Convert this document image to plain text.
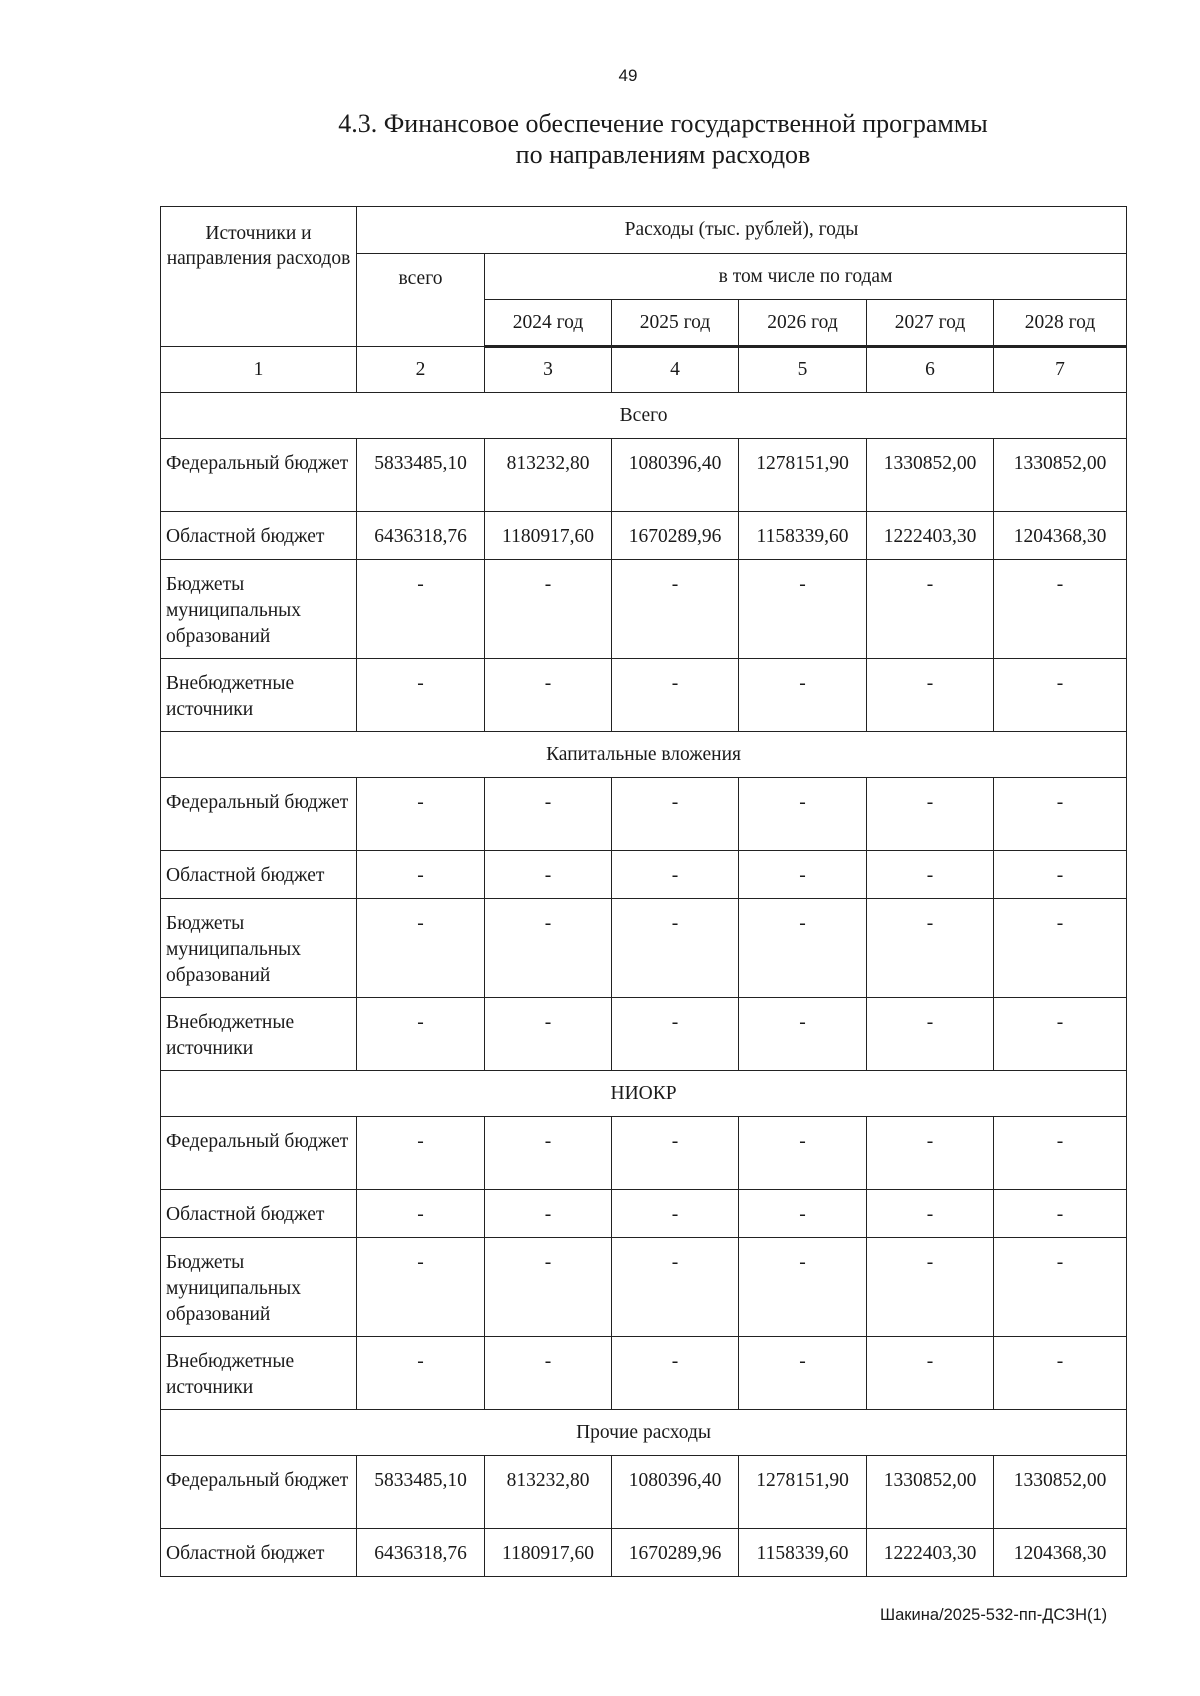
49
4.3. Финансовое обеспечение государственной программы
по направлениям расходов
Источники и направления расходов	Расходы (тыс. рублей), годы					
	всего	в том числе по годам				
		2024 год	2025 год	2026 год	2027 год	2028 год
1	2	3	4	5	6	7
Всего						
Федеральный бюджет	5833485,10	813232,80	1080396,40	1278151,90	1330852,00	1330852,00
Областной бюджет	6436318,76	1180917,60	1670289,96	1158339,60	1222403,30	1204368,30
Бюджеты муниципальных образований	-	-	-	-	-	-
Внебюджетные источники	-	-	-	-	-	-
Капитальные вложения						
Федеральный бюджет	-	-	-	-	-	-
Областной бюджет	-	-	-	-	-	-
Бюджеты муниципальных образований	-	-	-	-	-	-
Внебюджетные источники	-	-	-	-	-	-
НИОКР						
Федеральный бюджет	-	-	-	-	-	-
Областной бюджет	-	-	-	-	-	-
Бюджеты муниципальных образований	-	-	-	-	-	-
Внебюджетные источники	-	-	-	-	-	-
Прочие расходы						
Федеральный бюджет	5833485,10	813232,80	1080396,40	1278151,90	1330852,00	1330852,00
Областной бюджет	6436318,76	1180917,60	1670289,96	1158339,60	1222403,30	1204368,30
Шакина/2025-532-пп-ДСЗН(1)
